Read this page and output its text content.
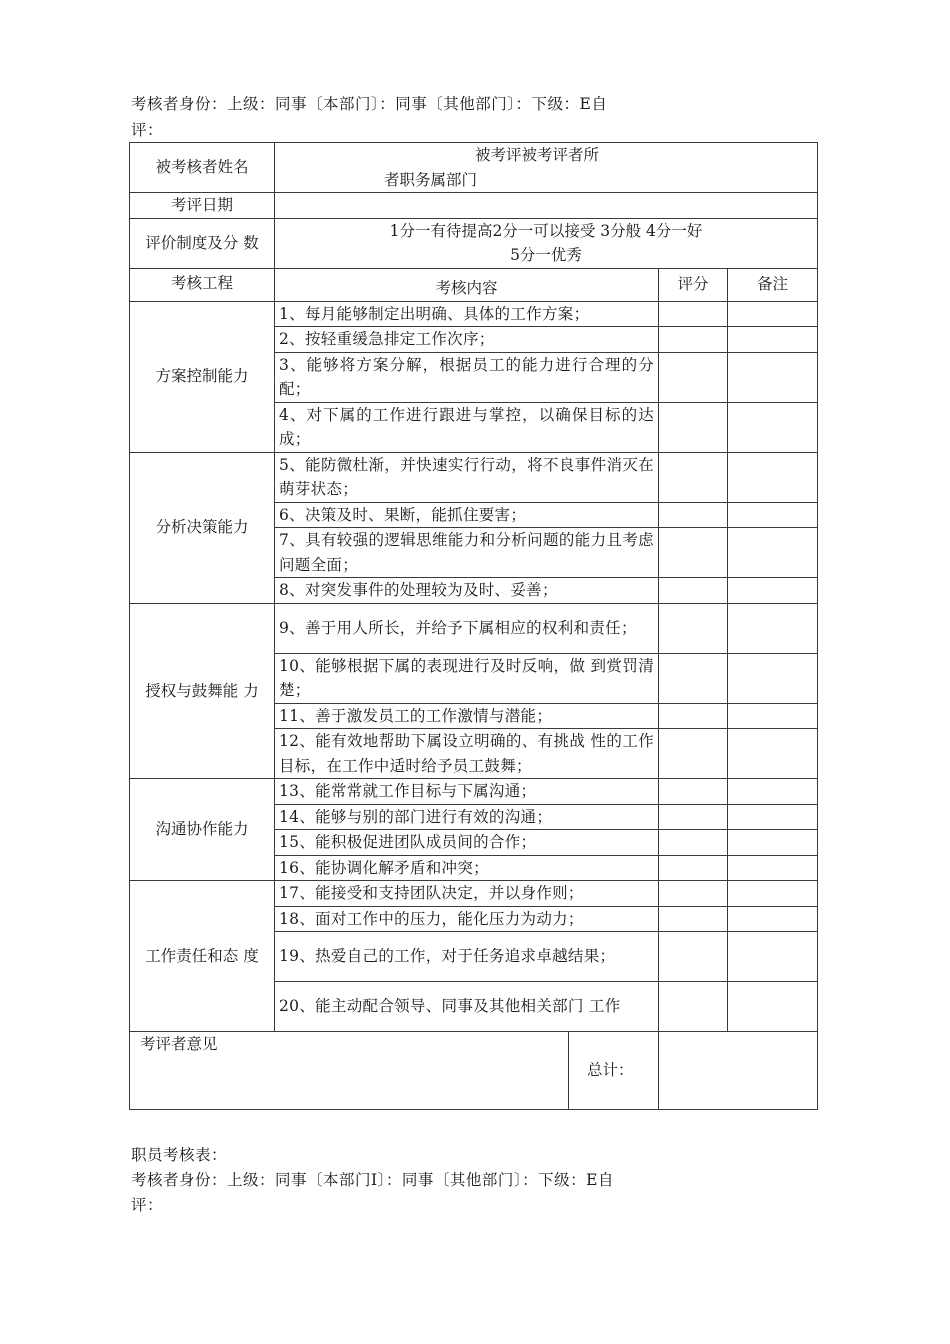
考核者身份：上级：同事〔本部门〕：同事〔其他部门〕：下级：E自
评：
被考核者姓名	被考评被考评者所
者职务属部门			

考评日期				
评价制度及分 数	1分一有待提高2分一可以接受 3分般 4分一好
5分一优秀			

考核工程	考核内容		评分	备注
方案控制能力	1、每月能够制定出明确、具体的工作方案；			
	2、按轻重缓急排定工作次序；			
	3、能够将方案分解，根据员工的能力进行合理的分配；			
	4、对下属的工作进行跟进与掌控，以确保目标的达成；			
分析决策能力	5、能防微杜渐，并快速实行行动，将不良事件消灭在萌芽状态；			
	6、决策及时、果断，能抓住要害；			
	7、具有较强的逻辑思维能力和分析问题的能力且考虑问题全面；			
	8、对突发事件的处理较为及时、妥善；			
授权与鼓舞能 力	9、善于用人所长，并给予下属相应的权利和责任；			
	10、能够根据下属的表现进行及时反响，做 到赏罚清楚；			
	11、善于激发员工的工作激情与潜能；			
	12、能有效地帮助下属设立明确的、有挑战 性的工作目标，在工作中适时给予员工鼓舞；			
沟通协作能力	13、能常常就工作目标与下属沟通；			
	14、能够与别的部门进行有效的沟通；			
	15、能积极促进团队成员间的合作；			
	16、能协调化解矛盾和冲突；			
工作责任和态 度	17、能接受和支持团队决定，并以身作则；			
	18、面对工作中的压力，能化压力为动力；			
	19、热爱自己的工作，对于任务追求卓越结果；			
	20、能主动配合领导、同事及其他相关部门 工作			
考评者意见		总计：		
职员考核表：
考核者身份：上级：同事〔本部门I〕：同事〔其他部门〕：下级：E自
评：
